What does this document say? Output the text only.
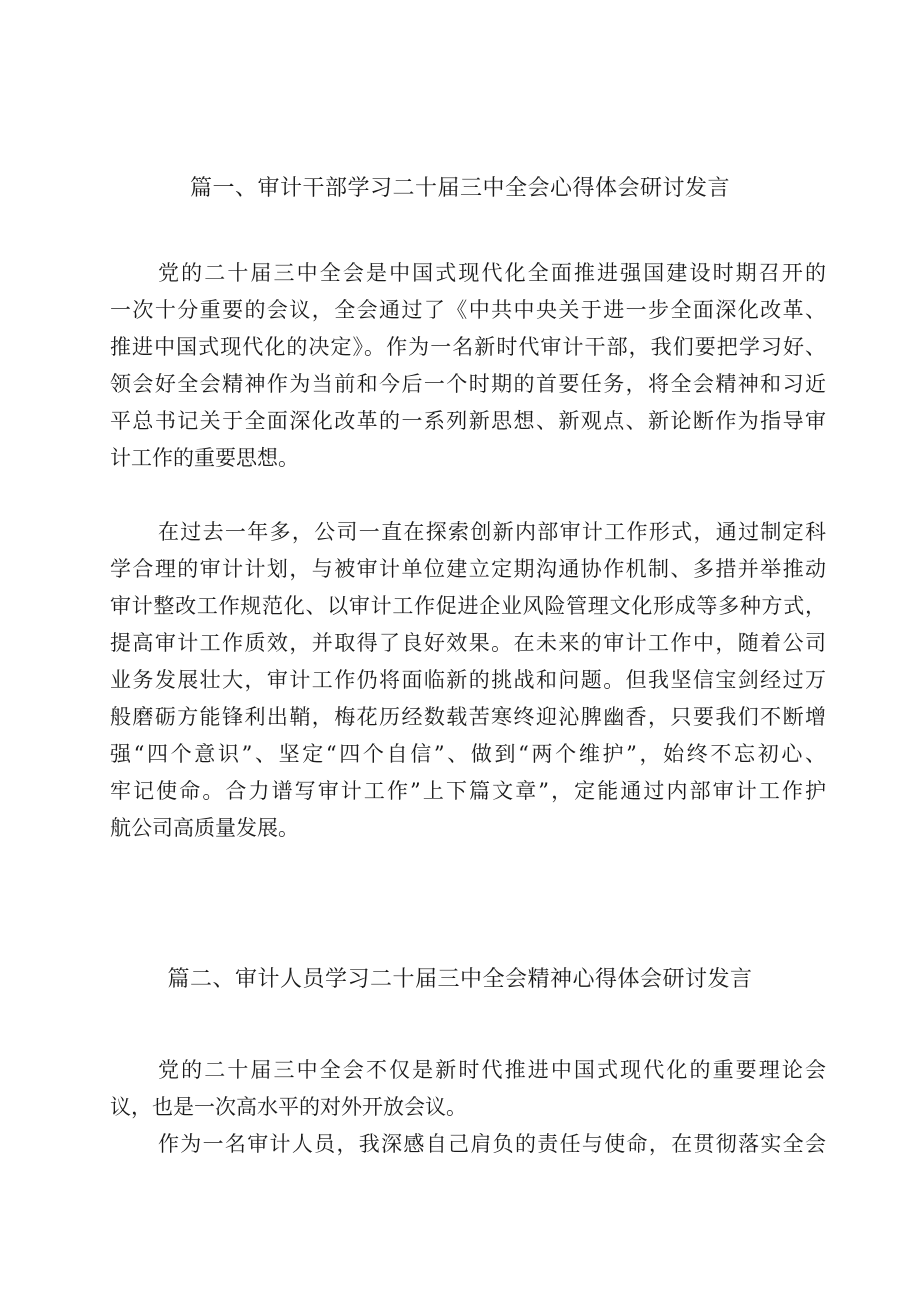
篇一、审计干部学习二十届三中全会心得体会研讨发言

党的二十届三中全会是中国式现代化全面推进强国建设时期召开的
一次十分重要的会议，全会通过了《中共中央关于进一步全面深化改革、
推进中国式现代化的决定》。作为一名新时代审计干部，我们要把学习好、
领会好全会精神作为当前和今后一个时期的首要任务，将全会精神和习近
平总书记关于全面深化改革的一系列新思想、新观点、新论断作为指导审
计工作的重要思想。

在过去一年多，公司一直在探索创新内部审计工作形式，通过制定科
学合理的审计计划，与被审计单位建立定期沟通协作机制、多措并举推动
审计整改工作规范化、以审计工作促进企业风险管理文化形成等多种方式，
提高审计工作质效，并取得了良好效果。在未来的审计工作中，随着公司
业务发展壮大，审计工作仍将面临新的挑战和问题。但我坚信宝剑经过万
般磨砺方能锋利出鞘，梅花历经数载苦寒终迎沁脾幽香，只要我们不断增
强“四个意识”、坚定“四个自信”、做到“两个维护”，始终不忘初心、
牢记使命。合力谱写审计工作”上下篇文章”，定能通过内部审计工作护
航公司高质量发展。

篇二、审计人员学习二十届三中全会精神心得体会研讨发言

党的二十届三中全会不仅是新时代推进中国式现代化的重要理论会
议，也是一次高水平的对外开放会议。

作为一名审计人员，我深感自己肩负的责任与使命，在贯彻落实全会
